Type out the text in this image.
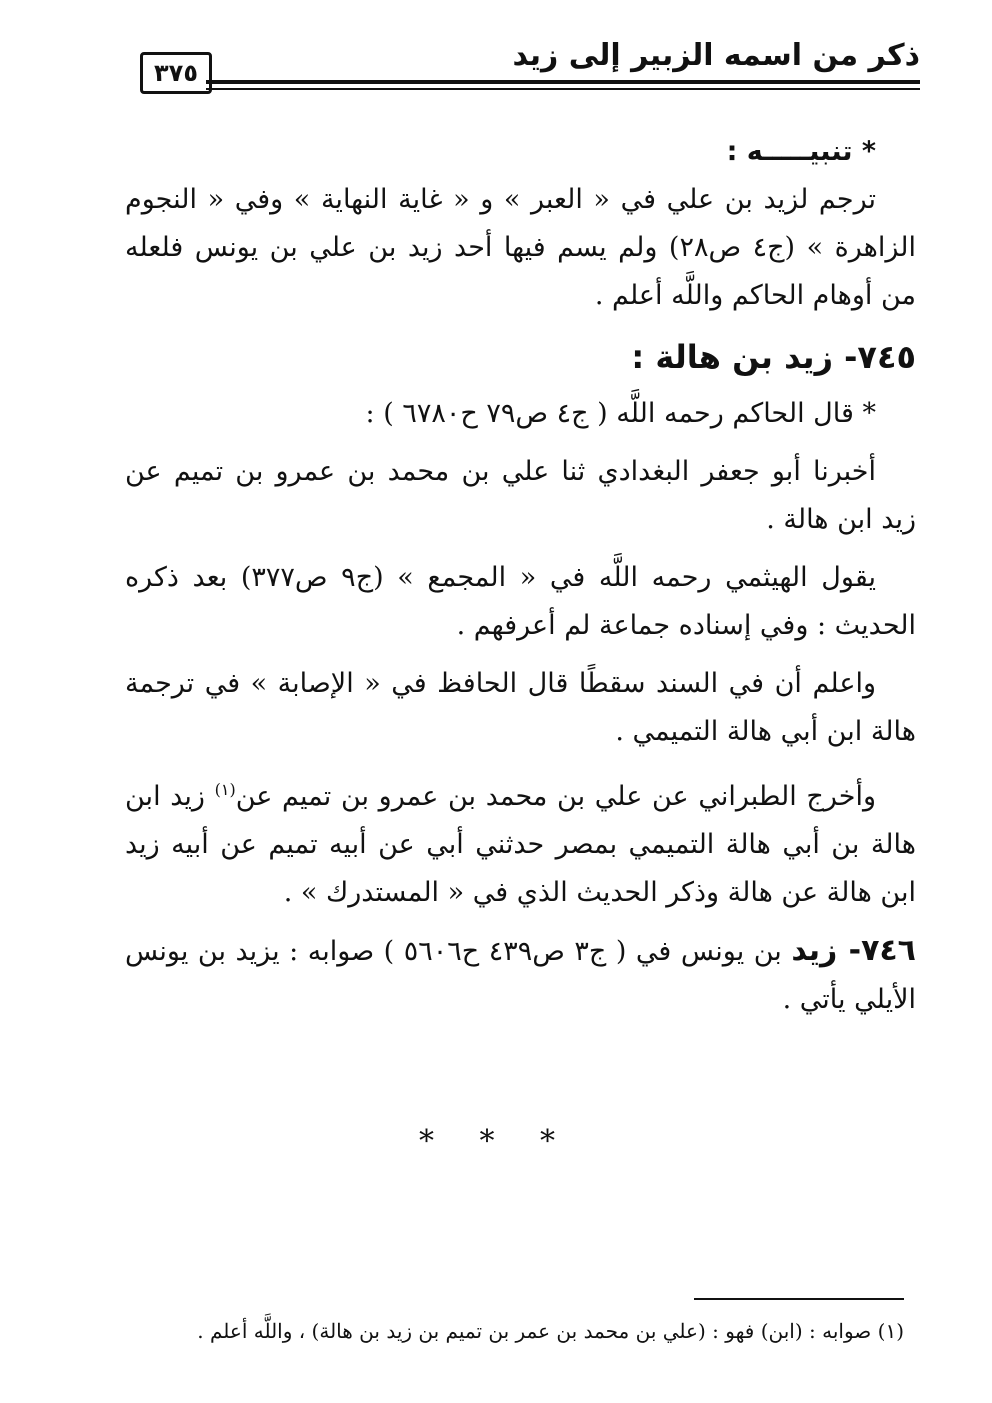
ذكر من اسمه الزبير إلى زيد
٣٧٥

* تنبيـــــه :

ترجم لزيد بن علي في « العبر » و « غاية النهاية » وفي « النجوم الزاهرة » (ج٤ ص٢٨) ولم يسم فيها أحد زيد بن علي بن يونس فلعله من أوهام الحاكم واللَّه أعلم .

٧٤٥- زيد بن هالة :

* قال الحاكم رحمه اللَّه ( ج٤ ص٧٩ ح٦٧٨٠ ) :

أخبرنا أبو جعفر البغدادي ثنا علي بن محمد بن عمرو بن تميم عن زيد ابن هالة .

يقول الهيثمي رحمه اللَّه في « المجمع » (ج٩ ص٣٧٧) بعد ذكره الحديث : وفي إسناده جماعة لم أعرفهم .

واعلم أن في السند سقطًا قال الحافظ في « الإصابة » في ترجمة هالة ابن أبي هالة التميمي .

وأخرج الطبراني عن علي بن محمد بن عمرو بن تميم عن$^{(١)}$ زيد ابن هالة بن أبي هالة التميمي بمصر حدثني أبي عن أبيه تميم عن أبيه زيد ابن هالة عن هالة وذكر الحديث الذي في « المستدرك » .

٧٤٦- زيد بن يونس في ( ج٣ ص٤٣٩ ح٥٦٠٦ ) صوابه : يزيد بن يونس الأيلي يأتي .

* * *
(١) صوابه : (ابن) فهو : (علي بن محمد بن عمر بن تميم بن زيد بن هالة) ، واللَّه أعلم .
